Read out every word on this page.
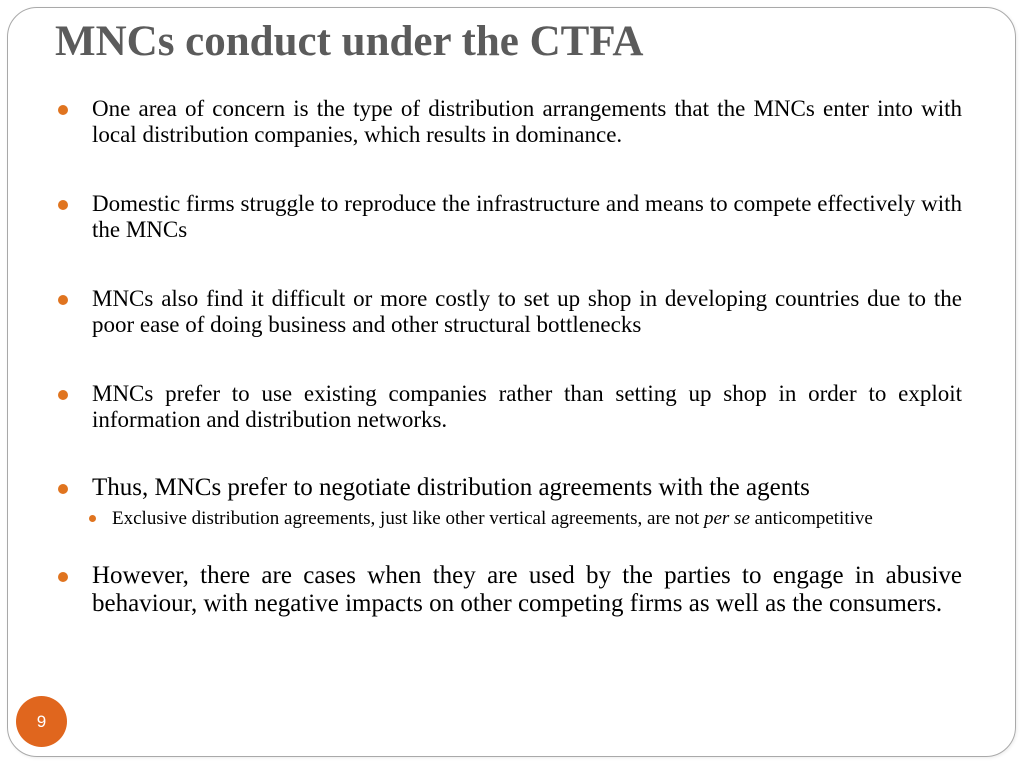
MNCs conduct under the CTFA
One area of concern is the type of distribution arrangements that the MNCs enter into with local distribution companies, which results in dominance.
Domestic firms struggle to reproduce the infrastructure and means to compete effectively with the MNCs
MNCs also find it difficult or more costly to set up shop in developing countries due to the poor ease of doing business and other structural bottlenecks
MNCs prefer to use existing companies rather than setting up shop in order to exploit information and distribution networks.
Thus, MNCs prefer to negotiate distribution agreements with the agents
Exclusive distribution agreements, just like other vertical agreements, are not per se anticompetitive
However, there are cases when they are used by the parties to engage in abusive behaviour, with negative impacts on other competing firms as well as the consumers.
9
